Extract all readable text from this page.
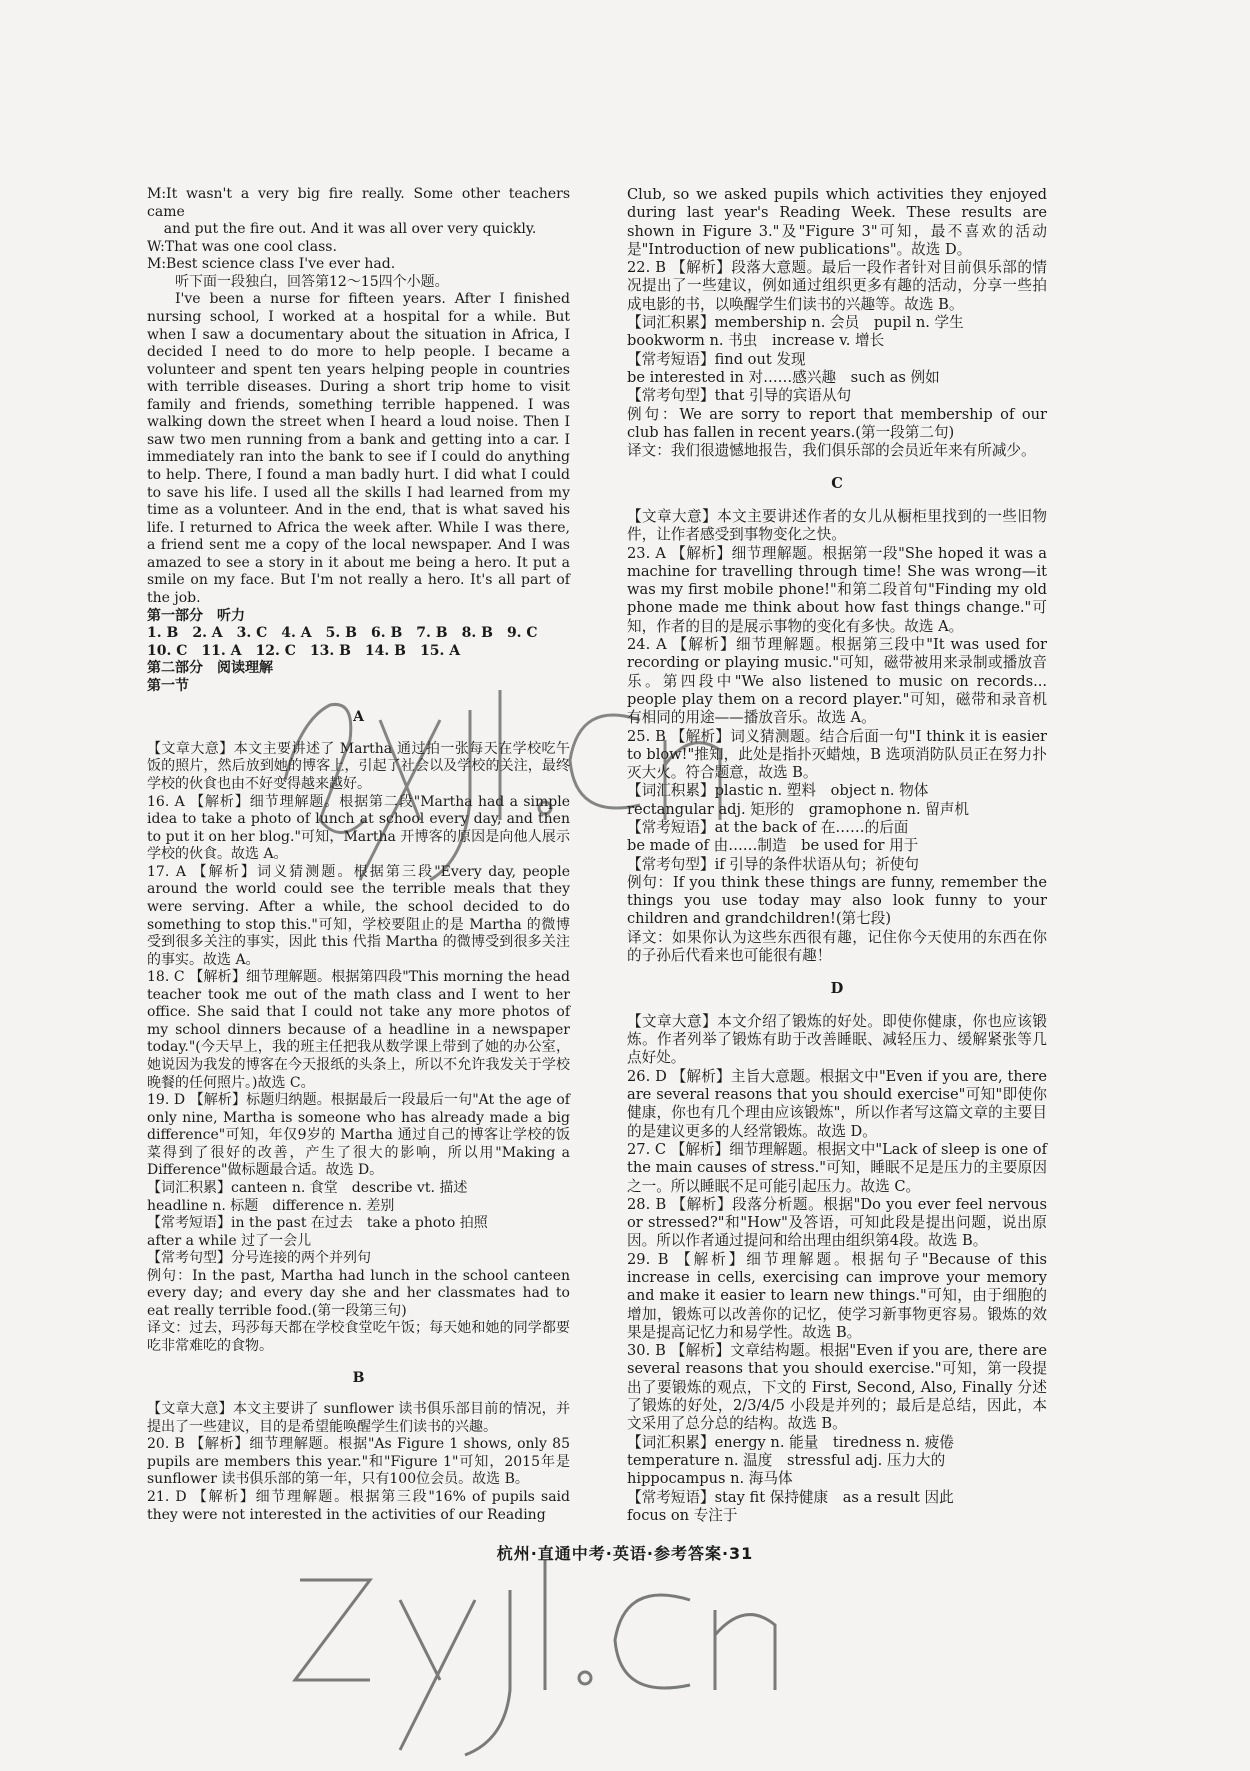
M:It wasn't a very big fire really. Some other teachers came

and put the fire out. And it was all over very quickly.

W:That was one cool class.

M:Best science class I've ever had.

听下面一段独白，回答第12～15四个小题。

I've been a nurse for fifteen years. After I finished nursing school, I worked at a hospital for a while. But when I saw a documentary about the situation in Africa, I decided I need to do more to help people. I became a volunteer and spent ten years helping people in countries with terrible diseases. During a short trip home to visit family and friends, something terrible happened. I was walking down the street when I heard a loud noise. Then I saw two men running from a bank and getting into a car. I immediately ran into the bank to see if I could do anything to help. There, I found a man badly hurt. I did what I could to save his life. I used all the skills I had learned from my time as a volunteer. And in the end, that is what saved his life. I returned to Africa the week after. While I was there, a friend sent me a copy of the local newspaper. And I was amazed to see a story in it about me being a hero. It put a smile on my face. But I'm not really a hero. It's all part of the job.

第一部分　听力

1. B　2. A　3. C　4. A　5. B　6. B　7. B　8. B　9. C

10. C　11. A　12. C　13. B　14. B　15. A

第二部分　阅读理解

第一节

A

【文章大意】本文主要讲述了 Martha 通过拍一张每天在学校吃午饭的照片，然后放到她的博客上，引起了社会以及学校的关注，最终学校的伙食也由不好变得越来越好。

16. A 【解析】细节理解题。根据第二段"Martha had a simple idea to take a photo of lunch at school every day, and then to put it on her blog."可知，Martha 开博客的原因是向他人展示学校的伙食。故选 A。

17. A 【解析】词义猜测题。根据第三段"Every day, people around the world could see the terrible meals that they were serving. After a while, the school decided to do something to stop this."可知，学校要阻止的是 Martha 的微博受到很多关注的事实，因此 this 代指 Martha 的微博受到很多关注的事实。故选 A。

18. C 【解析】细节理解题。根据第四段"This morning the head teacher took me out of the math class and I went to her office. She said that I could not take any more photos of my school dinners because of a headline in a newspaper today."(今天早上，我的班主任把我从数学课上带到了她的办公室，她说因为我发的博客在今天报纸的头条上，所以不允许我发关于学校晚餐的任何照片。)故选 C。

19. D 【解析】标题归纳题。根据最后一段最后一句"At the age of only nine, Martha is someone who has already made a big difference"可知，年仅9岁的 Martha 通过自己的博客让学校的饭菜得到了很好的改善，产生了很大的影响，所以用"Making a Difference"做标题最合适。故选 D。

【词汇积累】canteen n. 食堂　describe vt. 描述

headline n. 标题　difference n. 差别

【常考短语】in the past 在过去　take a photo 拍照

after a while 过了一会儿

【常考句型】分号连接的两个并列句

例句：In the past, Martha had lunch in the school canteen every day; and every day she and her classmates had to eat really terrible food.(第一段第三句)

译文：过去，玛莎每天都在学校食堂吃午饭；每天她和她的同学都要吃非常难吃的食物。

B

【文章大意】本文主要讲了 sunflower 读书俱乐部目前的情况，并提出了一些建议，目的是希望能唤醒学生们读书的兴趣。

20. B 【解析】细节理解题。根据"As Figure 1 shows, only 85 pupils are members this year."和"Figure 1"可知，2015年是 sunflower 读书俱乐部的第一年，只有100位会员。故选 B。

21. D 【解析】细节理解题。根据第三段"16% of pupils said they were not interested in the activities of our Reading

Club, so we asked pupils which activities they enjoyed during last year's Reading Week. These results are shown in Figure 3."及"Figure 3"可知，最不喜欢的活动是"Introduction of new publications"。故选 D。

22. B 【解析】段落大意题。最后一段作者针对目前俱乐部的情况提出了一些建议，例如通过组织更多有趣的活动，分享一些拍成电影的书，以唤醒学生们读书的兴趣等。故选 B。

【词汇积累】membership n. 会员　pupil n. 学生

bookworm n. 书虫　increase v. 增长

【常考短语】find out 发现

be interested in 对……感兴趣　such as 例如

【常考句型】that 引导的宾语从句

例句：We are sorry to report that membership of our club has fallen in recent years.(第一段第二句)

译文：我们很遗憾地报告，我们俱乐部的会员近年来有所减少。

C

【文章大意】本文主要讲述作者的女儿从橱柜里找到的一些旧物件，让作者感受到事物变化之快。

23. A 【解析】细节理解题。根据第一段"She hoped it was a machine for travelling through time! She was wrong—it was my first mobile phone!"和第二段首句"Finding my old phone made me think about how fast things change."可知，作者的目的是展示事物的变化有多快。故选 A。

24. A 【解析】细节理解题。根据第三段中"It was used for recording or playing music."可知，磁带被用来录制或播放音乐。第四段中"We also listened to music on records... people play them on a record player."可知，磁带和录音机有相同的用途——播放音乐。故选 A。

25. B 【解析】词义猜测题。结合后面一句"I think it is easier to blow!"推知，此处是指扑灭蜡烛，B 选项消防队员正在努力扑灭大火。符合题意，故选 B。

【词汇积累】plastic n. 塑料　object n. 物体

rectangular adj. 矩形的　gramophone n. 留声机

【常考短语】at the back of 在……的后面

be made of 由……制造　be used for 用于

【常考句型】if 引导的条件状语从句；祈使句

例句：If you think these things are funny, remember the things you use today may also look funny to your children and grandchildren!(第七段)

译文：如果你认为这些东西很有趣，记住你今天使用的东西在你的子孙后代看来也可能很有趣！

D

【文章大意】本文介绍了锻炼的好处。即使你健康，你也应该锻炼。作者列举了锻炼有助于改善睡眠、减轻压力、缓解紧张等几点好处。

26. D 【解析】主旨大意题。根据文中"Even if you are, there are several reasons that you should exercise"可知"即使你健康，你也有几个理由应该锻炼"，所以作者写这篇文章的主要目的是建议更多的人经常锻炼。故选 D。

27. C 【解析】细节理解题。根据文中"Lack of sleep is one of the main causes of stress."可知，睡眠不足是压力的主要原因之一。所以睡眠不足可能引起压力。故选 C。

28. B 【解析】段落分析题。根据"Do you ever feel nervous or stressed?"和"How"及答语，可知此段是提出问题，说出原因。所以作者通过提问和给出理由组织第4段。故选 B。

29. B 【解析】细节理解题。根据句子"Because of this increase in cells, exercising can improve your memory and make it easier to learn new things."可知，由于细胞的增加，锻炼可以改善你的记忆，使学习新事物更容易。锻炼的效果是提高记忆力和易学性。故选 B。

30. B 【解析】文章结构题。根据"Even if you are, there are several reasons that you should exercise."可知，第一段提出了要锻炼的观点，下文的 First, Second, Also, Finally 分述了锻炼的好处，2/3/4/5 小段是并列的；最后是总结，因此，本文采用了总分总的结构。故选 B。

【词汇积累】energy n. 能量　tiredness n. 疲倦

temperature n. 温度　stressful adj. 压力大的

hippocampus n. 海马体

【常考短语】stay fit 保持健康　as a result 因此

focus on 专注于

杭州·直通中考·英语·参考答案·31
